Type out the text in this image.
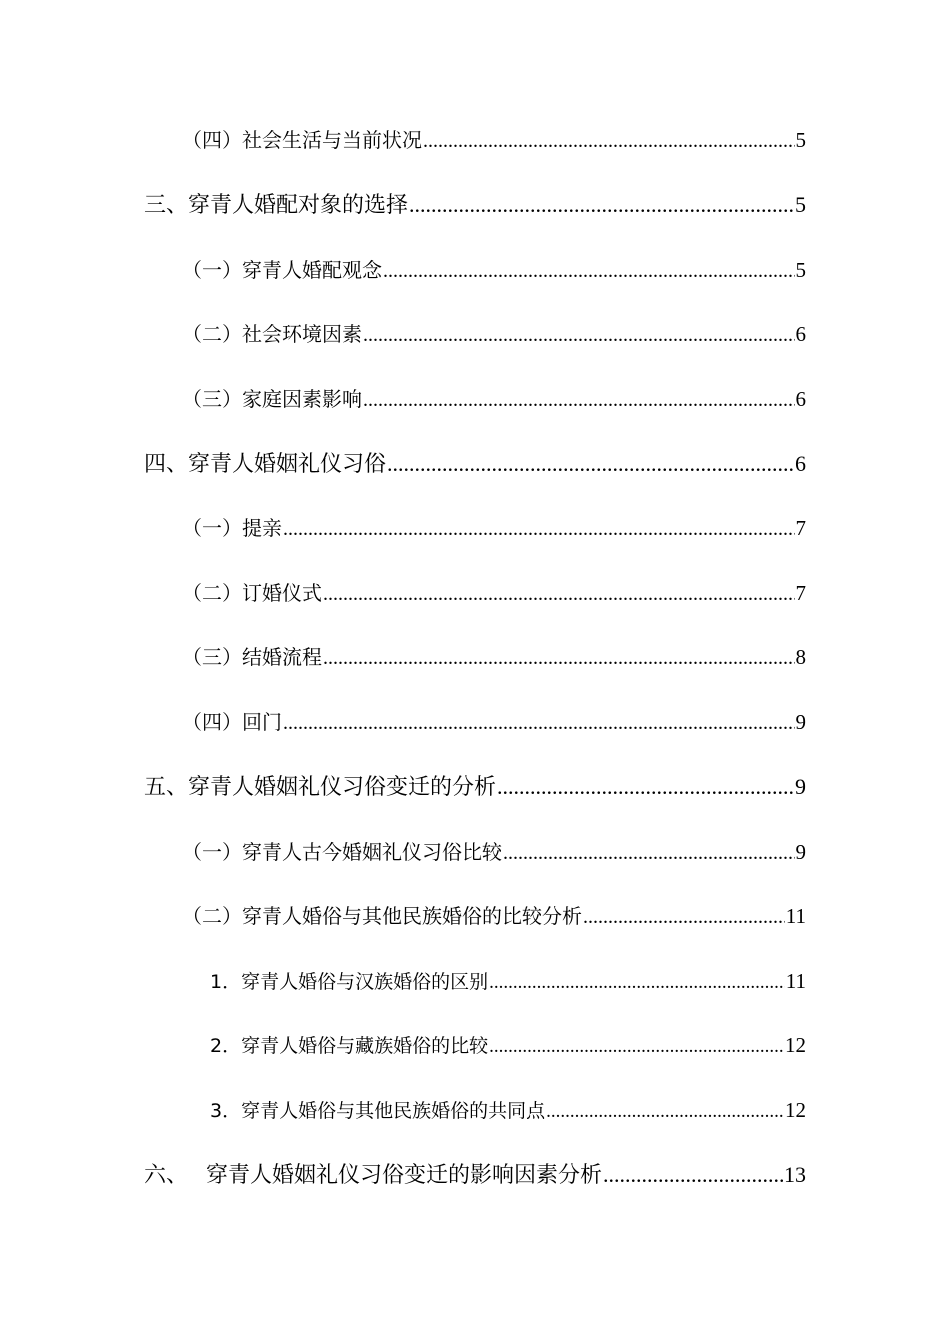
（四）社会生活与当前状况 .....	5
三、穿青人婚配对象的选择 .....	5
（一）穿青人婚配观念 .....	5
（二）社会环境因素 .....	6
（三）家庭因素影响 .....	6
四、穿青人婚姻礼仪习俗 .....	6
（一）提亲 .....	7
（二）订婚仪式 .....	7
（三）结婚流程 .....	8
（四）回门 .....	9
五、穿青人婚姻礼仪习俗变迁的分析 .....	9
（一）穿青人古今婚姻礼仪习俗比较 .....	9
（二）穿青人婚俗与其他民族婚俗的比较分析 .....	11
1．穿青人婚俗与汉族婚俗的区别 .....	11
2．穿青人婚俗与藏族婚俗的比较 .....	12
3．穿青人婚俗与其他民族婚俗的共同点 .....	12
六、 穿青人婚姻礼仪习俗变迁的影响因素分析 .....	13
